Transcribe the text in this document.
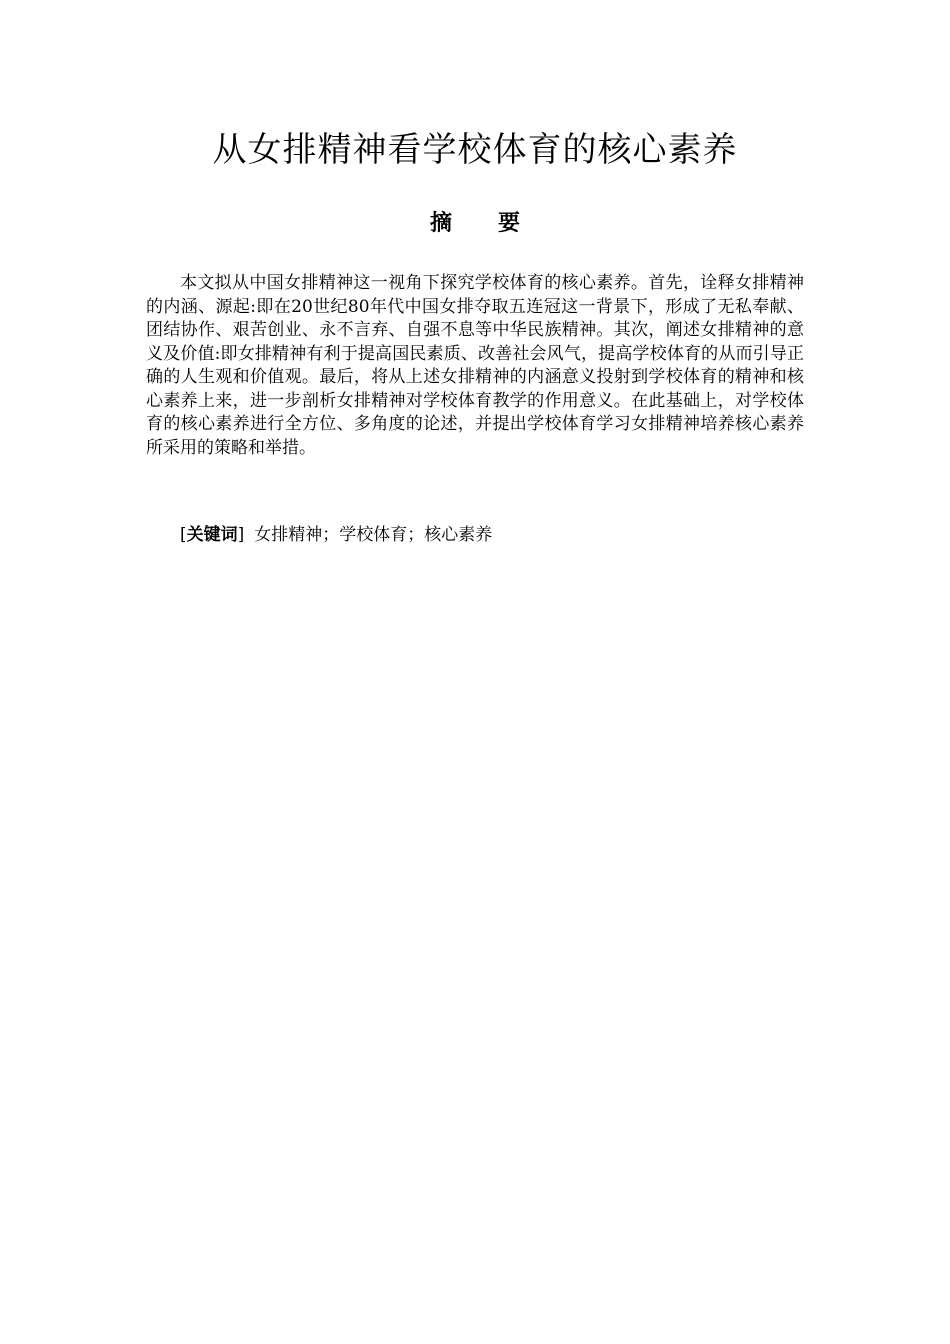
从女排精神看学校体育的核心素养
摘 要

本文拟从中国女排精神这一视角下探究学校体育的核心素养。首先，诠释女排精神的内涵、源起:即在20世纪80年代中国女排夺取五连冠这一背景下，形成了无私奉献、团结协作、艰苦创业、永不言弃、自强不息等中华民族精神。其次，阐述女排精神的意义及价值:即女排精神有利于提高国民素质、改善社会风气，提高学校体育的从而引导正确的人生观和价值观。最后，将从上述女排精神的内涵意义投射到学校体育的精神和核心素养上来，进一步剖析女排精神对学校体育教学的作用意义。在此基础上，对学校体育的核心素养进行全方位、多角度的论述，并提出学校体育学习女排精神培养核心素养所采用的策略和举措。

[关键词] 女排精神；学校体育；核心素养
